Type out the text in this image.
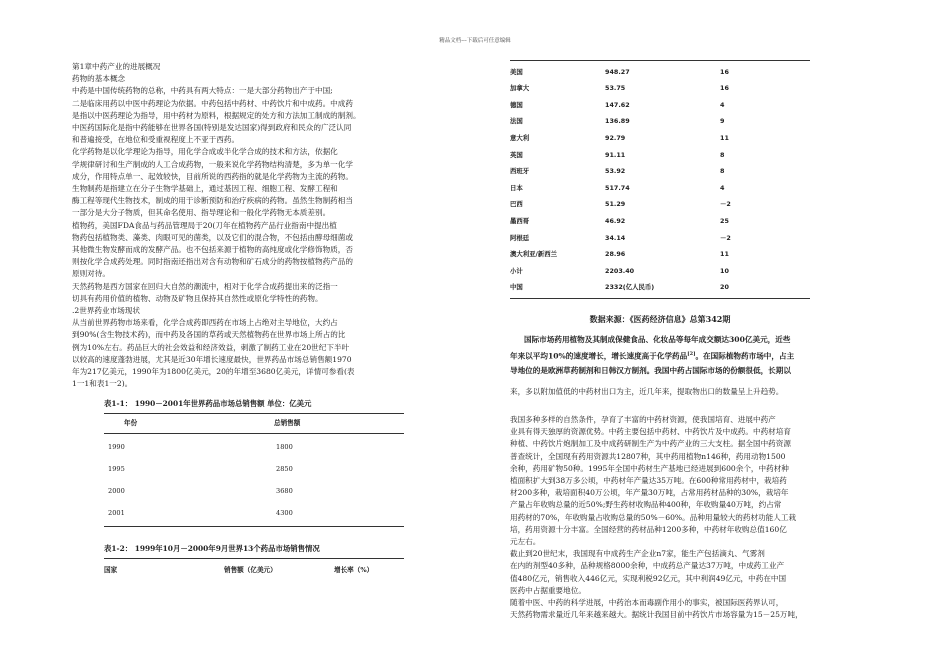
精品文档---下载后可任意编辑

第1章中药产业的进展概况

药物的基本概念

中药是中国传统药物的总称，中药具有两大特点：一是大部分药物出产于中国;

二是临床用药以中医中药理论为依据。中药包括中药材、中药饮片和中成药。中成药

是指以中医药理论为指导，用中药材为原料，根据规定的处方和方法加工制成的制剂。

中医药国际化是指中药能够在世界各国(特别是发达国家)得到政府和民众的广泛认同

和普遍接受，在地位和受重视程度上不亚于西药。

化学药物是以化学理论为指导，用化学合成或半化学合成的技术和方法，依据化

学规律研讨和生产制成的人工合成药物，一般来说化学药物结构清楚，多为单一化学

成分，作用特点单一、起效较快，目前所说的西药指的就是化学药物为主流的药物。

生物制药是指建立在分子生物学基础上，通过基因工程、细胞工程、发酵工程和

酶工程等现代生物技术，制成的用于诊断预防和治疗疾病的药物。虽然生物制药相当

一部分是大分子物质，但其命名使用、指导理论和一般化学药物无本质差别。

植物药，美国FDA食品与药品管理局于20(刀年在植物药产品行业指南中提出植

物药包括植物类、藻类、肉眼可见的菌类，以及它们的混合物，不包括由酵母细菌或

其他微生物发酵而成的发酵产品。也不包括来源于植物的高纯度或化学修饰物质，否

则按化学合成药处理。同时指南还指出对含有动物和矿石成分的药物按植物药产品的

原则对待。

天然药物是西方国家在回归大自然的潮流中，相对于化学合成药提出来的泛指一

切具有药用价值的植物、动物及矿物且保持其自然性或原化学特性的药物。

.2世界药业市场现状

从当前世界药物市场来看，化学合成药即西药在市场上占绝对主导地位，大约占

到90%(含生物技术药)，而中药及各国的草药或天然植物药在世界市场上所占的比

例为10%左右。药品巨大的社会效益和经济效益，刺激了制药工业在20世纪下半叶

以较高的速度蓬勃进展，尤其是近30年增长速度最快，世界药品市场总销售额1970

年为217亿美元，1990年为1800亿美元，20的年增至3680亿美元，详情可参看(表

1一1和表1一2)。

表1-1： 1990－2001年世界药品市场总销售额 单位：亿美元

年份	总销售额
1990	1800
1995	2850
2000	3680
2001	4300

表1-2： 1999年10月－2000年9月世界13个药品市场销售情况

国家	销售额（亿美元）	增长率（%）
美国	948.27	16
加拿大	53.75	16
德国	147.62	4
法国	136.89	9
意大利	92.79	11
英国	91.11	8
西班牙	53.92	8
日本	517.74	4
巴西	51.29	－2
墨西哥	46.92	25
阿根廷	34.14	－2
澳大利亚/新西兰	28.96	11
小计	2203.40	10
中国	2332(亿人民币)	20

数据来源：《医药经济信息》总第342期

国际市场药用植物及其制成保健食品、化妆品等每年成交额达300亿美元，近些

年来以平均10%的速度增长，增长速度高于化学药品[2]。在国际植物药市场中，占主

导地位的是欧洲草药制剂和日韩汉方制剂。我国中药占国际市场的份额很低，长期以

来，多以附加值低的中药材出口为主，近几年来，提取物出口的数量呈上升趋势。

我国多种多样的自然条件，孕育了丰富的中药材资源，使我国培育、进展中药产

业具有得天独厚的资源优势。中药主要包括中药材、中药饮片及中成药。中药材培育

种植、中药饮片炮制加工及中成药研制生产为中药产业的三大支柱。据全国中药资源

普查统计，全国现有药用资源共12807种，其中药用植物n146种，药用动物1500

余种，药用矿物50种。1995年全国中药材生产基地已经进展到600余个，中药材种

植面积扩大到38万多公顷，中药材年产量达35万吨。在600种常用药材中，栽培药

材200多种，栽培面积40万公顷，年产量30万吨，占常用药材品种的30%，栽培年

产量占年收购总量的近50%;野生药材收购品种400种，年收购量40万吨，约占常

用药材的70%，年收购量占收购总量的50%－60%。品种用量较大的药材功能人工栽

培，药用资源十分丰富。全国经营的药材品种1200多种，中药材年收购总值160亿

元左右。

截止到20世纪末，我国现有中成药生产企业n7家，能生产包括滴丸、气雾剂

在内的剂型40多种，品种规格8000余种，中成药总产量达37万吨，中成药工业产

值480亿元，销售收入446亿元，实现利税92亿元，其中利润49亿元，中药在中国

医药中占据重要地位。

随着中医、中药的科学进展，中药治本而毒副作用小的事实，被国际医药界认可，

天然药物需求量近几年来越来越大。据统计我国目前中药饮片市场容量为15－25万吨，
